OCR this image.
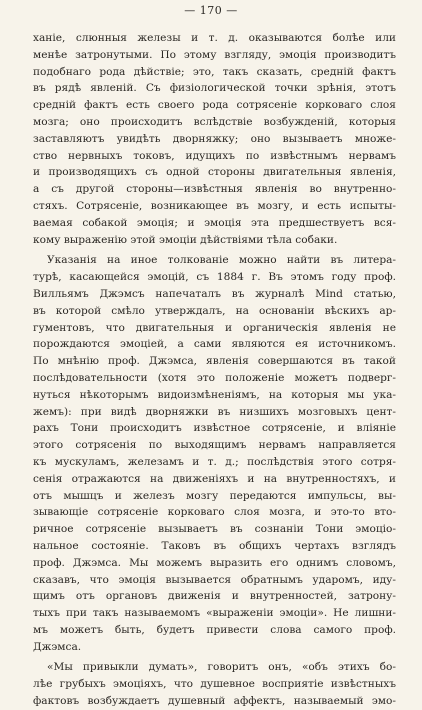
— 170 —
ханіе, слюнныя железы и т. д. оказываются болѣе или
менѣе затронутыми. По этому взгляду, эмоція производитъ
подобнаго рода дѣйствіе; это, такъ сказать, средній фактъ
въ рядѣ явленій. Съ физіологической точки зрѣнія, этотъ
средній фактъ есть своего рода сотрясеніе корковаго слоя
мозга; оно происходитъ вслѣдствіе возбужденій, которыя
заставляютъ увидѣть дворняжку; оно вызываетъ множе-
ство нервныхъ токовъ, идущихъ по извѣстнымъ нервамъ
и производящихъ съ одной стороны двигательныя явленія,
а съ другой стороны—извѣстныя явленія во внутренно-
стяхъ. Сотрясеніе, возникающее въ мозгу, и есть испыты-
ваемая собакой эмоція; и эмоція эта предшествуетъ вся-
кому выраженію этой эмоціи дѣйствіями тѣла собаки.
Указанія на иное толкованіе можно найти въ литера-
турѣ, касающейся эмоцій, съ 1884 г. Въ этомъ году проф.
Вилльямъ Джэмсъ напечаталъ въ журналѣ Mind статью,
въ которой смѣло утверждалъ, на основаніи вѣскихъ ар-
гументовъ, что двигательныя и органическія явленія не
порождаются эмоціей, а сами являются ея источникомъ.
По мнѣнію проф. Джэмса, явленія совершаются въ такой
послѣдовательности (хотя это положеніе можетъ подверг-
нуться нѣкоторымъ видоизмѣненіямъ, на которыя мы ука-
жемъ): при видѣ дворняжки въ низшихъ мозговыхъ цент-
рахъ Тони происходитъ извѣстное сотрясеніе, и вліяніе
этого сотрясенія по выходящимъ нервамъ направляется
къ мускуламъ, железамъ и т. д.; послѣдствія этого сотря-
сенія отражаются на движеніяхъ и на внутренностяхъ, и
отъ мышцъ и железъ мозгу передаются импульсы, вы-
зывающіе сотрясеніе корковаго слоя мозга, и это-то вто-
ричное сотрясеніе вызываетъ въ сознаніи Тони эмоціо-
нальное состояніе. Таковъ въ общихъ чертахъ взглядъ
проф. Джэмса. Мы можемъ выразить его однимъ словомъ,
сказавъ, что эмоція вызывается обратнымъ ударомъ, иду-
щимъ отъ органовъ движенія и внутренностей, затрону-
тыхъ при такъ называемомъ «выраженіи эмоціи». Не лишни-
мъ можетъ быть, будетъ привести слова самого проф.
Джэмса.
«Мы привыкли думать», говоритъ онъ, «объ этихъ бо-
лѣе грубыхъ эмоціяхъ, что душевное восприятіе извѣстныхъ
фактовъ возбуждаетъ душевный аффектъ, называемый эмо-
